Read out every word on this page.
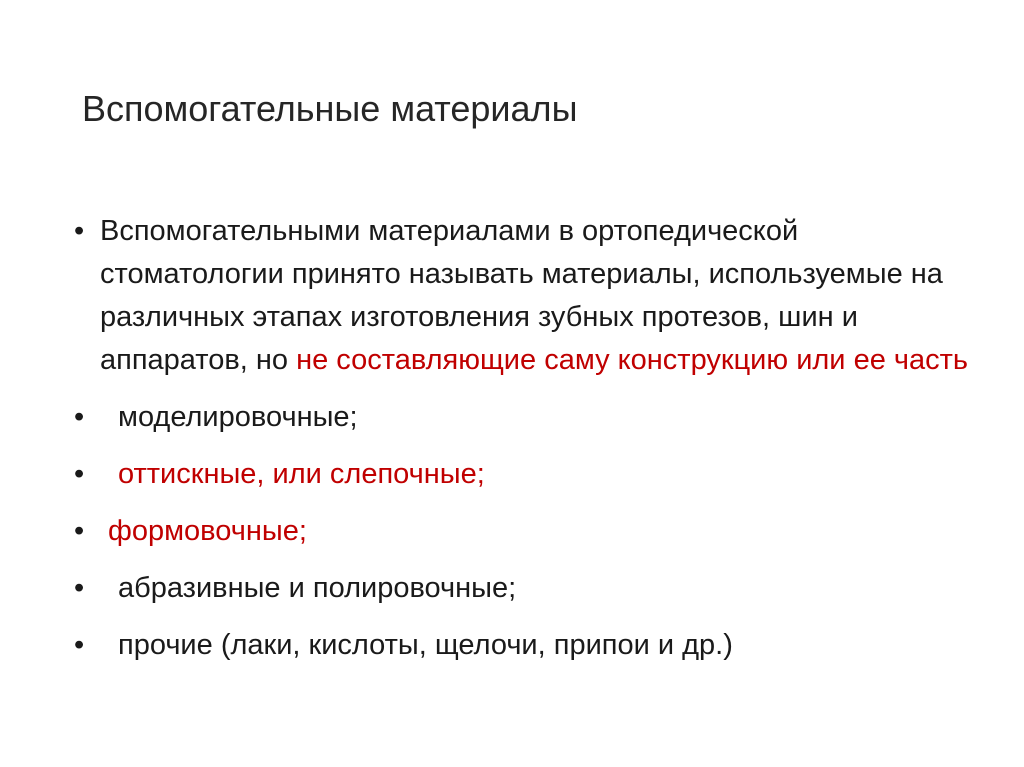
Вспомогательные материалы
• Вспомогательными материалами в ортопедической стоматологии принято называть материалы, используемые на различных этапах изготовления зубных протезов, шин и аппаратов, но не составляющие саму конструкцию или ее часть
•	моделировочные;
•	оттискные, или слепочные;
• формовочные;
•	абразивные и полировочные;
•	прочие (лаки, кислоты, щелочи, припои и др.)
